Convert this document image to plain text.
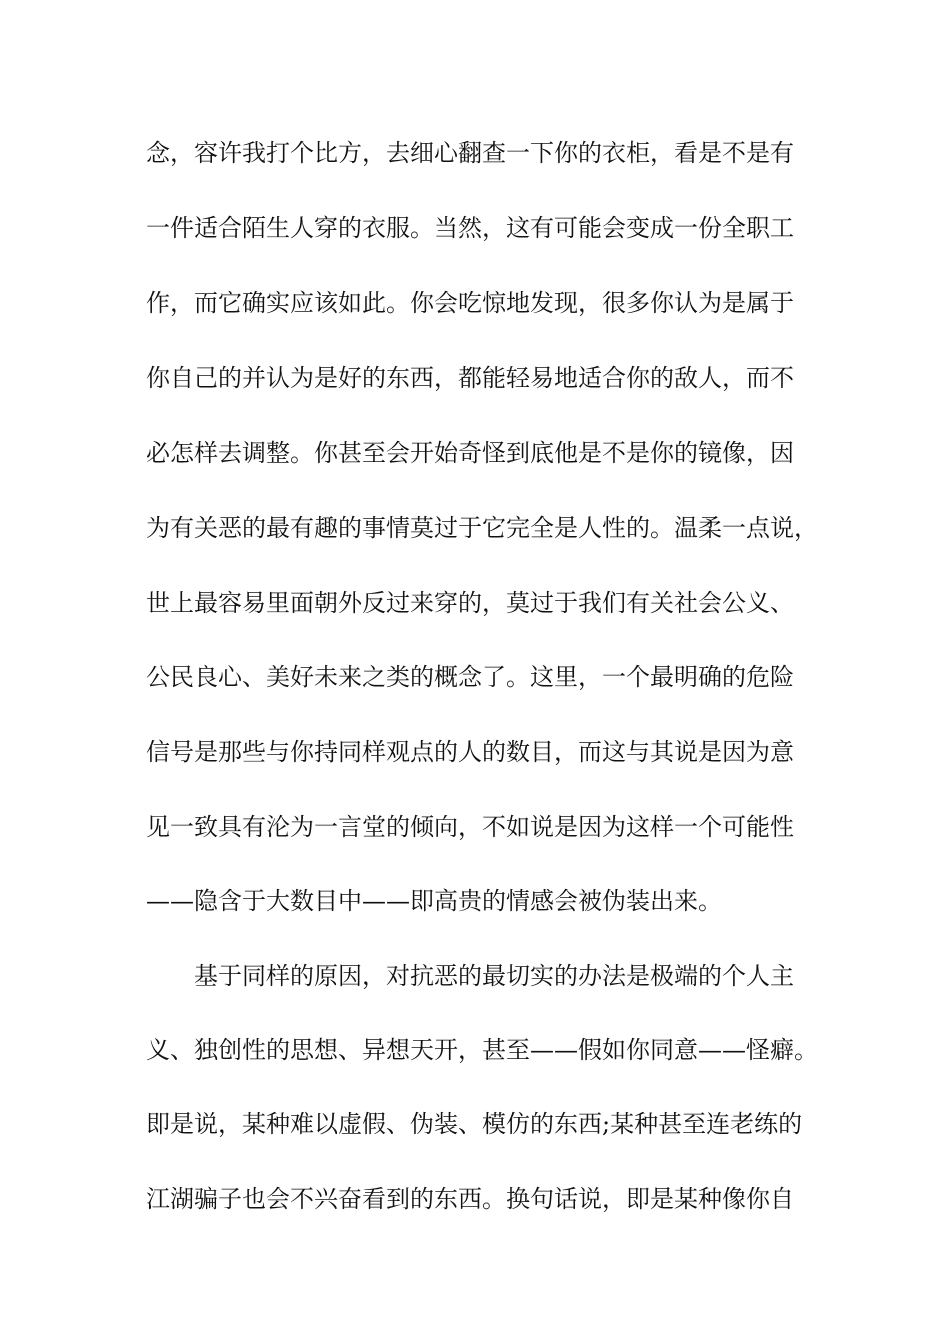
念，容许我打个比方，去细心翻查一下你的衣柜，看是不是有
一件适合陌生人穿的衣服。当然，这有可能会变成一份全职工
作，而它确实应该如此。你会吃惊地发现，很多你认为是属于
你自己的并认为是好的东西，都能轻易地适合你的敌人，而不
必怎样去调整。你甚至会开始奇怪到底他是不是你的镜像，因
为有关恶的最有趣的事情莫过于它完全是人性的。温柔一点说，
世上最容易里面朝外反过来穿的，莫过于我们有关社会公义、
公民良心、美好未来之类的概念了。这里，一个最明确的危险
信号是那些与你持同样观点的人的数目，而这与其说是因为意
见一致具有沦为一言堂的倾向，不如说是因为这样一个可能性
——隐含于大数目中——即高贵的情感会被伪装出来。
基于同样的原因，对抗恶的最切实的办法是极端的个人主
义、独创性的思想、异想天开，甚至——假如你同意——怪癖。
即是说，某种难以虚假、伪装、模仿的东西;某种甚至连老练的
江湖骗子也会不兴奋看到的东西。换句话说，即是某种像你自
